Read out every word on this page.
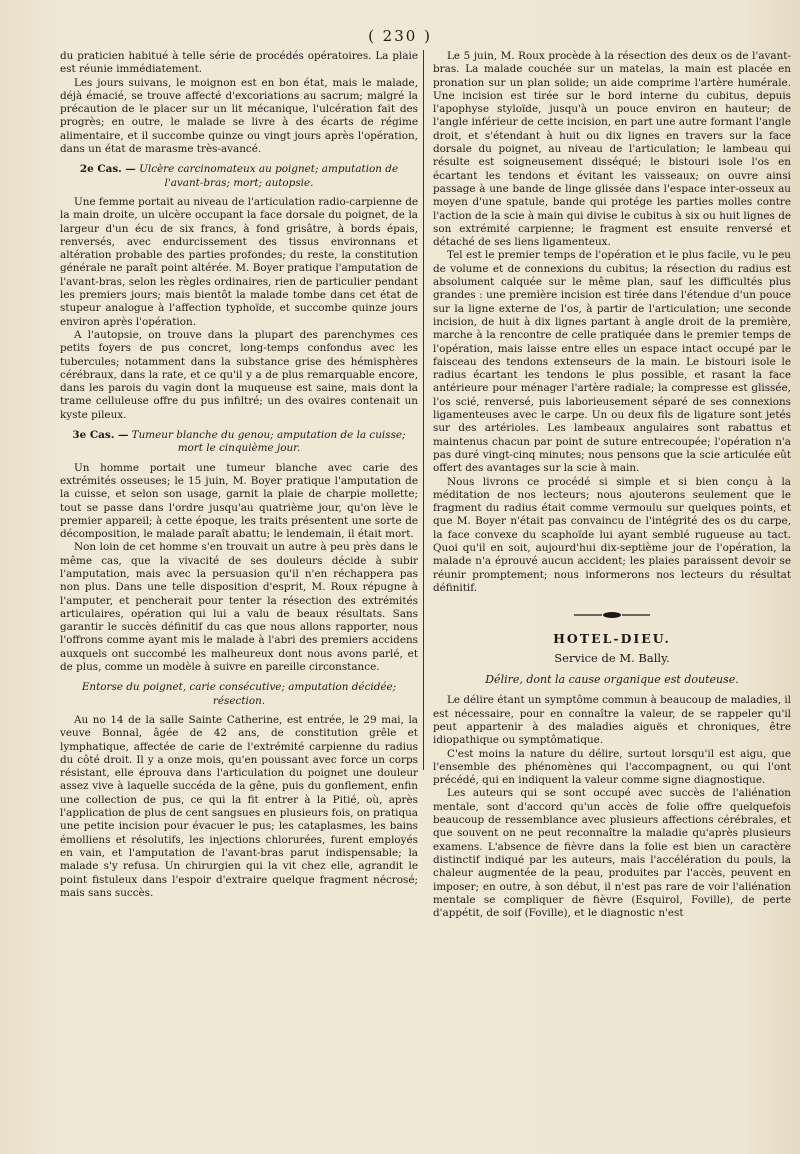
( 230 )

du praticien habitué à telle série de procédés opératoires. La plaie est réunie immédiatement.

Les jours suivans, le moignon est en bon état, mais le malade, déjà émacié, se trouve affecté d'excoriations au sacrum; malgré la précaution de le placer sur un lit mécanique, l'ulcération fait des progrès; en outre, le malade se livre à des écarts de régime alimentaire, et il succombe quinze ou vingt jours après l'opération, dans un état de marasme très-avancé.

2e Cas. — Ulcère carcinomateux au poignet; amputation de l'avant-bras; mort; autopsie.

Une femme portait au niveau de l'articulation radio-carpienne de la main droite, un ulcère occupant la face dorsale du poignet, de la largeur d'un écu de six francs, à fond grisâtre, à bords épais, renversés, avec endurcissement des tissus environnans et altération probable des parties profondes; du reste, la constitution générale ne paraît point altérée. M. Boyer pratique l'amputation de l'avant-bras, selon les règles ordinaires, rien de particulier pendant les premiers jours; mais bientôt la malade tombe dans cet état de stupeur analogue à l'affection typhoïde, et succombe quinze jours environ après l'opération.

A l'autopsie, on trouve dans la plupart des parenchymes ces petits foyers de pus concret, long-temps confondus avec les tubercules; notamment dans la substance grise des hémisphères cérébraux, dans la rate, et ce qu'il y a de plus remarquable encore, dans les parois du vagin dont la muqueuse est saine, mais dont la trame celluleuse offre du pus infiltré; un des ovaires contenait un kyste pileux.

3e Cas. — Tumeur blanche du genou; amputation de la cuisse; mort le cinquième jour.

Un homme portait une tumeur blanche avec carie des extrémités osseuses; le 15 juin, M. Boyer pratique l'amputation de la cuisse, et selon son usage, garnit la plaie de charpie mollette; tout se passe dans l'ordre jusqu'au quatrième jour, qu'on lève le premier appareil; à cette époque, les traits présentent une sorte de décomposition, le malade paraît abattu; le lendemain, il était mort.

Non loin de cet homme s'en trouvait un autre à peu près dans le même cas, que la vivacité de ses douleurs décide à subir l'amputation, mais avec la persuasion qu'il n'en réchappera pas non plus. Dans une telle disposition d'esprit, M. Roux répugne à l'amputer, et pencherait pour tenter la résection des extrémités articulaires, opération qui lui a valu de beaux résultats. Sans garantir le succès définitif du cas que nous allons rapporter, nous l'offrons comme ayant mis le malade à l'abri des premiers accidens auxquels ont succombé les malheureux dont nous avons parlé, et de plus, comme un modèle à suivre en pareille circonstance.

Entorse du poignet, carie consécutive; amputation décidée; résection.

Au no 14 de la salle Sainte Catherine, est entrée, le 29 mai, la veuve Bonnal, âgée de 42 ans, de constitution grêle et lymphatique, affectée de carie de l'extrémité carpienne du radius du côté droit. Il y a onze mois, qu'en poussant avec force un corps résistant, elle éprouva dans l'articulation du poignet une douleur assez vive à laquelle succéda de la gêne, puis du gonflement, enfin une collection de pus, ce qui la fit entrer à la Pitié, où, après l'application de plus de cent sangsues en plusieurs fois, on pratiqua une petite incision pour évacuer le pus; les cataplasmes, les bains émolliens et résolutifs, les injections chlorurées, furent employés en vain, et l'amputation de l'avant-bras parut indispensable; la malade s'y refusa. Un chirurgien qui la vit chez elle, agrandit le point fistuleux dans l'espoir d'extraire quelque fragment nécrosé; mais sans succès.

Le 5 juin, M. Roux procède à la résection des deux os de l'avant-bras. La malade couchée sur un matelas, la main est placée en pronation sur un plan solide; un aide comprime l'artère humérale. Une incision est tirée sur le bord interne du cubitus, depuis l'apophyse styloïde, jusqu'à un pouce environ en hauteur; de l'angle inférieur de cette incision, en part une autre formant l'angle droit, et s'étendant à huit ou dix lignes en travers sur la face dorsale du poignet, au niveau de l'articulation; le lambeau qui résulte est soigneusement disséqué; le bistouri isole l'os en écartant les tendons et évitant les vaisseaux; on ouvre ainsi passage à une bande de linge glissée dans l'espace inter-osseux au moyen d'une spatule, bande qui protége les parties molles contre l'action de la scie à main qui divise le cubitus à six ou huit lignes de son extrémité carpienne; le fragment est ensuite renversé et détaché de ses liens ligamenteux.

Tel est le premier temps de l'opération et le plus facile, vu le peu de volume et de connexions du cubitus; la résection du radius est absolument calquée sur le même plan, sauf les difficultés plus grandes : une première incision est tirée dans l'étendue d'un pouce sur la ligne externe de l'os, à partir de l'articulation; une seconde incision, de huit à dix lignes partant à angle droit de la première, marche à la rencontre de celle pratiquée dans le premier temps de l'opération, mais laisse entre elles un espace intact occupé par le faisceau des tendons extenseurs de la main. Le bistouri isole le radius écartant les tendons le plus possible, et rasant la face antérieure pour ménager l'artère radiale; la compresse est glissée, l'os scié, renversé, puis laborieusement séparé de ses connexions ligamenteuses avec le carpe. Un ou deux fils de ligature sont jetés sur des artérioles. Les lambeaux angulaires sont rabattus et maintenus chacun par point de suture entrecoupée; l'opération n'a pas duré vingt-cinq minutes; nous pensons que la scie articulée eût offert des avantages sur la scie à main.

Nous livrons ce procédé si simple et si bien conçu à la méditation de nos lecteurs; nous ajouterons seulement que le fragment du radius était comme vermoulu sur quelques points, et que M. Boyer n'était pas convaincu de l'intégrité des os du carpe, la face convexe du scaphoïde lui ayant semblé rugueuse au tact. Quoi qu'il en soit, aujourd'hui dix-septième jour de l'opération, la malade n'a éprouvé aucun accident; les plaies paraissent devoir se réunir promptement; nous informerons nos lecteurs du résultat définitif.

HOTEL-DIEU.
Service de M. Bally.
Délire, dont la cause organique est douteuse.

Le délire étant un symptôme commun à beaucoup de maladies, il est nécessaire, pour en connaître la valeur, de se rappeler qu'il peut appartenir à des maladies aiguës et chroniques, être idiopathique ou symptômatique.

C'est moins la nature du délire, surtout lorsqu'il est aigu, que l'ensemble des phénomènes qui l'accompagnent, ou qui l'ont précédé, qui en indiquent la valeur comme signe diagnostique.

Les auteurs qui se sont occupé avec succès de l'aliénation mentale, sont d'accord qu'un accès de folie offre quelquefois beaucoup de ressemblance avec plusieurs affections cérébrales, et que souvent on ne peut reconnaître la maladie qu'après plusieurs examens. L'absence de fièvre dans la folie est bien un caractère distinctif indiqué par les auteurs, mais l'accélération du pouls, la chaleur augmentée de la peau, produites par l'accès, peuvent en imposer; en outre, à son début, il n'est pas rare de voir l'aliénation mentale se compliquer de fièvre (Esquirol, Foville), de perte d'appétit, de soif (Foville), et le diagnostic n'est
